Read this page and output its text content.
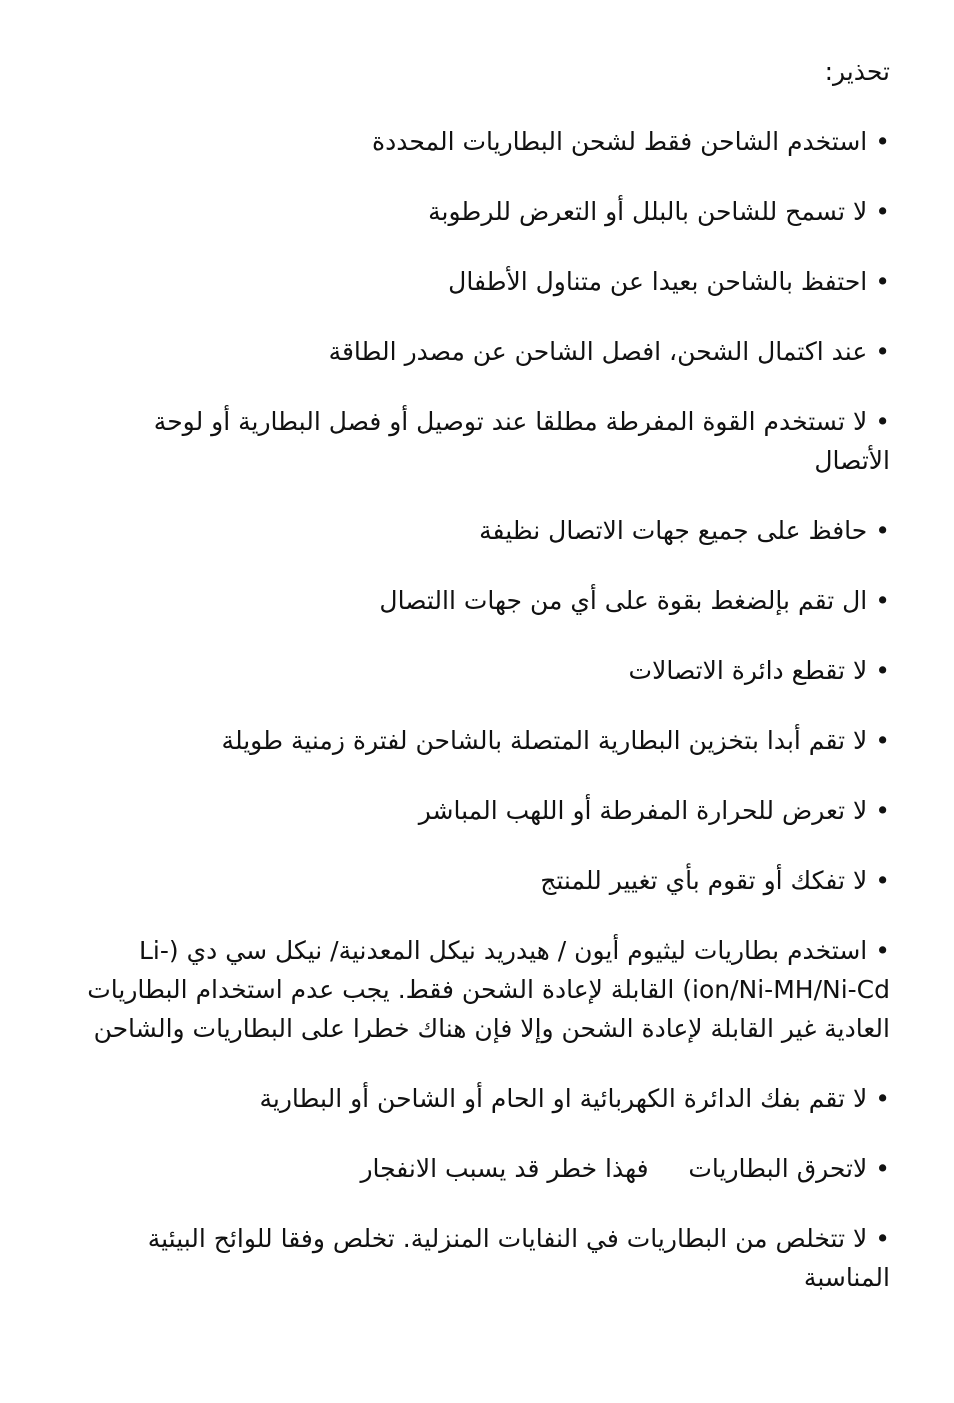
تحذير:
•استخدم الشاحن فقط لشحن البطاريات المحددة
•لا تسمح للشاحن بالبلل أو التعرض للرطوبة
•احتفظ بالشاحن بعيدا عن متناول الأطفال
•عند اكتمال الشحن، افصل الشاحن عن مصدر الطاقة
•لا تستخدم القوة المفرطة مطلقا عند توصيل أو فصل البطارية أو لوحة الأتصال
•حافظ على جميع جهات الاتصال نظيفة
•ال تقم بإلضغط بقوة على أي من جهات االتصال
•لا تقطع دائرة الاتصالات
•لا تقم أبدا بتخزين البطارية المتصلة بالشاحن لفترة زمنية طويلة
•لا تعرض للحرارة المفرطة أو اللهب المباشر
•لا تفكك أو تقوم بأي تغيير للمنتج
•استخدم بطاريات ليثيوم أيون / هيدريد نيكل المعدنية/ نيكل سي دي (Li-ion/Ni-MH/Ni-Cd) القابلة لإعادة الشحن فقط. يجب عدم استخدام البطاريات العادية غير القابلة لإعادة الشحن وإلا فإن هناك خطرا على البطاريات والشاحن
•لا تقم بفك الدائرة الكهربائية او الحام أو الشاحن أو البطارية
•لاتحرق البطاريات     فهذا خطر قد يسبب الانفجار
•لا تتخلص من البطاريات في النفايات المنزلية. تخلص وفقا للوائح البيئية المناسبة
